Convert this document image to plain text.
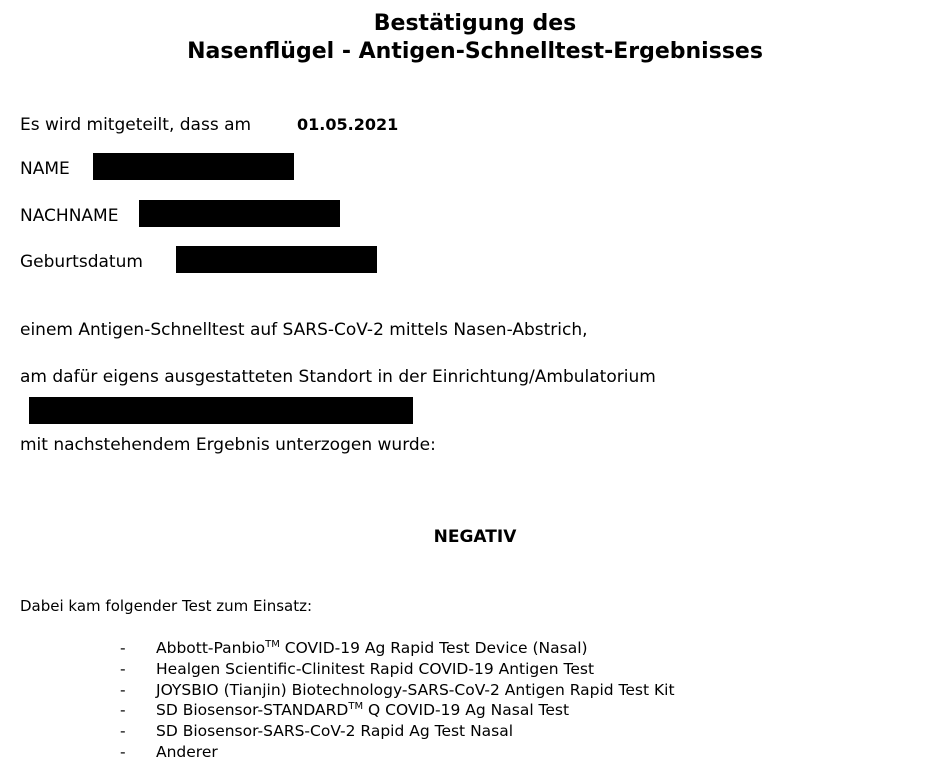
Bestätigung des
Nasenflügel - Antigen-Schnelltest-Ergebnisses
Es wird mitgeteilt, dass am	01.05.2021
NAME
NACHNAME
Geburtsdatum
einem Antigen-Schnelltest auf SARS-CoV-2 mittels Nasen-Abstrich,
am dafür eigens ausgestatteten Standort in der Einrichtung/Ambulatorium
mit nachstehendem Ergebnis unterzogen wurde:
NEGATIV
Dabei kam folgender Test zum Einsatz:
-	Abbott-Panbio™ COVID-19 Ag Rapid Test Device (Nasal)
-	Healgen Scientific-Clinitest Rapid COVID-19 Antigen Test
-	JOYSBIO (Tianjin) Biotechnology-SARS-CoV-2 Antigen Rapid Test Kit
-	SD Biosensor-STANDARD™ Q COVID-19 Ag Nasal Test
-	SD Biosensor-SARS-CoV-2 Rapid Ag Test Nasal
-	Anderer
